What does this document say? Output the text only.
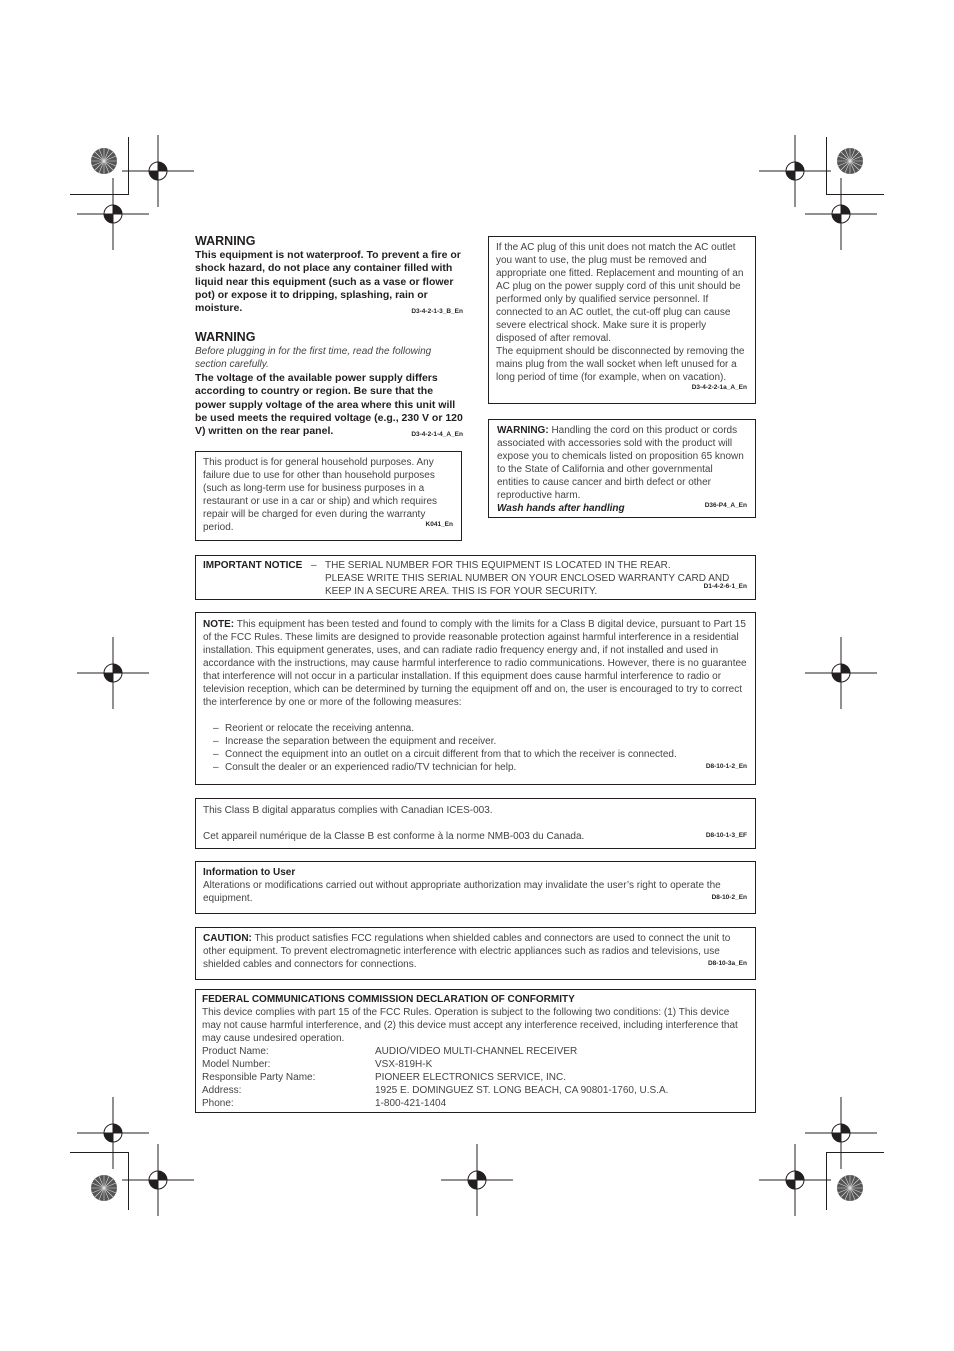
WARNING
This equipment is not waterproof. To prevent a fire or shock hazard, do not place any container filled with liquid near this equipment (such as a vase or flower pot) or expose it to dripping, splashing, rain or moisture.	D3-4-2-1-3_B_En
WARNING
Before plugging in for the first time, read the following section carefully.
The voltage of the available power supply differs according to country or region. Be sure that the power supply voltage of the area where this unit will be used meets the required voltage (e.g., 230 V or 120 V) written on the rear panel.	D3-4-2-1-4_A_En

This product is for general household purposes. Any failure due to use for other than household purposes (such as long-term use for business purposes in a restaurant or use in a car or ship) and which requires repair will be charged for even during the warranty period.	K041_En

If the AC plug of this unit does not match the AC outlet you want to use, the plug must be removed and appropriate one fitted. Replacement and mounting of an AC plug on the power supply cord of this unit should be performed only by qualified service personnel. If connected to an AC outlet, the cut-off plug can cause severe electrical shock. Make sure it is properly disposed of after removal.

The equipment should be disconnected by removing the mains plug from the wall socket when left unused for a long period of time (for example, when on vacation).

D3-4-2-2-1a_A_En

WARNING: Handling the cord on this product or cords associated with accessories sold with the product will expose you to chemicals listed on proposition 65 known to the State of California and other governmental entities to cause cancer and birth defect or other reproductive harm.

Wash hands after handling	D36-P4_A_En
IMPORTANT NOTICE – THE SERIAL NUMBER FOR THIS EQUIPMENT IS LOCATED IN THE REAR.
PLEASE WRITE THIS SERIAL NUMBER ON YOUR ENCLOSED WARRANTY CARD AND
KEEP IN A SECURE AREA. THIS IS FOR YOUR SECURITY.	D1-4-2-6-1_En

NOTE: This equipment has been tested and found to comply with the limits for a Class B digital device, pursuant to Part 15 of the FCC Rules. These limits are designed to provide reasonable protection against harmful interference in a residential installation. This equipment generates, uses, and can radiate radio frequency energy and, if not installed and used in accordance with the instructions, may cause harmful interference to radio communications. However, there is no guarantee that interference will not occur in a particular installation. If this equipment does cause harmful interference to radio or television reception, which can be determined by turning the equipment off and on, the user is encouraged to try to correct the interference by one or more of the following measures:

– Reorient or relocate the receiving antenna.
– Increase the separation between the equipment and receiver.
– Connect the equipment into an outlet on a circuit different from that to which the receiver is connected.
– Consult the dealer or an experienced radio/TV technician for help.	D8-10-1-2_En

This Class B digital apparatus complies with Canadian ICES-003.

Cet appareil numérique de la Classe B est conforme à la norme NMB-003 du Canada.	D8-10-1-3_EF

Information to User

Alterations or modifications carried out without appropriate authorization may invalidate the user’s right to operate the equipment.	D8-10-2_En

CAUTION: This product satisfies FCC regulations when shielded cables and connectors are used to connect the unit to other equipment. To prevent electromagnetic interference with electric appliances such as radios and televisions, use shielded cables and connectors for connections.	D8-10-3a_En

FEDERAL COMMUNICATIONS COMMISSION DECLARATION OF CONFORMITY

This device complies with part 15 of the FCC Rules. Operation is subject to the following two conditions: (1) This device may not cause harmful interference, and (2) this device must accept any interference received, including interference that may cause undesired operation.

Product Name:	AUDIO/VIDEO MULTI-CHANNEL RECEIVER
Model Number:	VSX-819H-K
Responsible Party Name:	PIONEER ELECTRONICS SERVICE, INC.
Address:	1925 E. DOMINGUEZ ST. LONG BEACH, CA 90801-1760, U.S.A.
Phone:	1-800-421-1404
